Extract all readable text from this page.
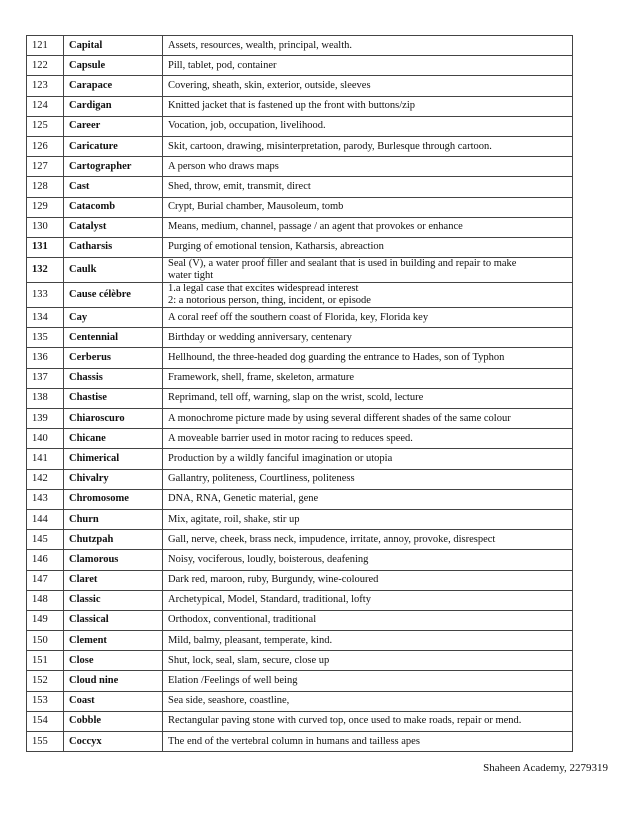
121	Capital	Assets, resources, wealth, principal, wealth.
122	Capsule	Pill, tablet, pod, container
123	Carapace	Covering, sheath, skin, exterior, outside, sleeves
124	Cardigan	Knitted jacket that is fastened up the front with buttons/zip
125	Career	Vocation, job, occupation, livelihood.
126	Caricature	Skit, cartoon, drawing, misinterpretation, parody, Burlesque through cartoon.
127	Cartographer	A person who draws maps
128	Cast	Shed, throw, emit, transmit, direct
129	Catacomb	Crypt, Burial chamber, Mausoleum, tomb
130	Catalyst	Means, medium, channel, passage / an agent that provokes or enhance
131	Catharsis	Purging of emotional tension, Katharsis, abreaction
132	Caulk	Seal (V), a water proof filler and sealant that is used in building and repair to make
water tight
133	Cause célèbre	1.a legal case that excites widespread interest
2: a notorious person, thing, incident, or episode
134	Cay	A coral reef off the southern coast of Florida, key, Florida key
135	Centennial	Birthday or wedding anniversary, centenary
136	Cerberus	Hellhound, the three-headed dog guarding the entrance to Hades, son of Typhon
137	Chassis	Framework, shell, frame, skeleton, armature
138	Chastise	Reprimand, tell off, warning, slap on the wrist, scold, lecture
139	Chiaroscuro	A monochrome picture made by using several different shades of the same colour
140	Chicane	A moveable barrier used in motor racing to reduces speed.
141	Chimerical	Production by a wildly fanciful imagination or utopia
142	Chivalry	Gallantry, politeness, Courtliness, politeness
143	Chromosome	DNA, RNA, Genetic material, gene
144	Churn	Mix, agitate, roil, shake, stir up
145	Chutzpah	Gall, nerve, cheek, brass neck, impudence, irritate, annoy, provoke, disrespect
146	Clamorous	Noisy, vociferous, loudly, boisterous, deafening
147	Claret	Dark red, maroon, ruby, Burgundy, wine-coloured
148	Classic	Archetypical, Model, Standard, traditional, lofty
149	Classical	Orthodox, conventional, traditional
150	Clement	Mild, balmy, pleasant, temperate, kind.
151	Close	Shut, lock, seal, slam, secure, close up
152	Cloud nine	Elation /Feelings of well being
153	Coast	Sea side, seashore, coastline,
154	Cobble	Rectangular paving stone with curved top, once used to make roads, repair or mend.
155	Coccyx	The end of the vertebral column in humans and tailless apes
Shaheen Academy, 2279319
